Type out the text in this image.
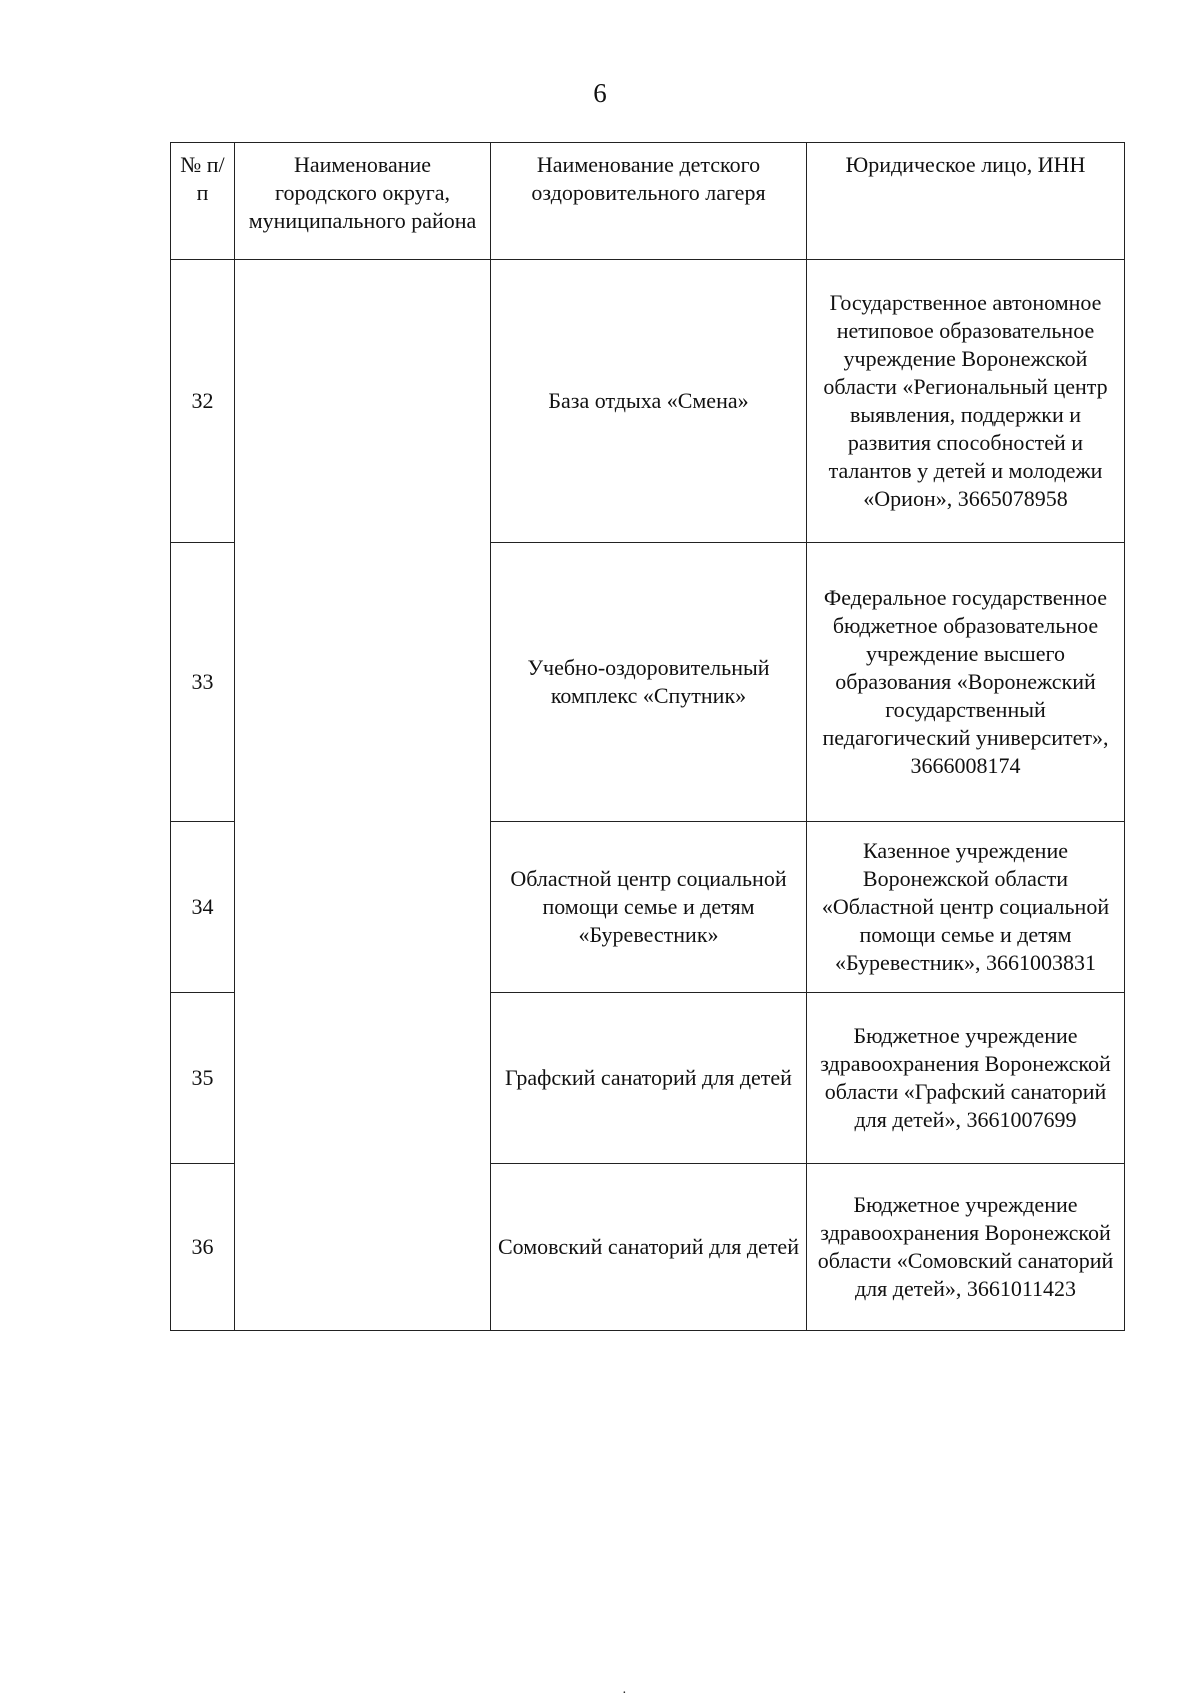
6
№ п/п	Наименование городского округа, муниципального района	Наименование детского оздоровительного лагеря	Юридическое лицо, ИНН
32		База отдыха «Смена»	Государственное автономное нетиповое образовательное учреждение Воронежской области «Региональный центр выявления, поддержки и развития способностей и талантов у детей и молодежи «Орион», 3665078958
33		Учебно-оздоровительный комплекс «Спутник»	Федеральное государственное бюджетное образовательное учреждение высшего образования «Воронежский государственный педагогический университет», 3666008174
34		Областной центр социальной помощи семье и детям «Буревестник»	Казенное учреждение Воронежской области «Областной центр социальной помощи семье и детям «Буревестник», 3661003831
35		Графский санаторий для детей	Бюджетное учреждение здравоохранения Воронежской области «Графский санаторий для детей», 3661007699
36		Сомовский санаторий для детей	Бюджетное учреждение здравоохранения Воронежской области «Сомовский санаторий для детей», 3661011423
·
